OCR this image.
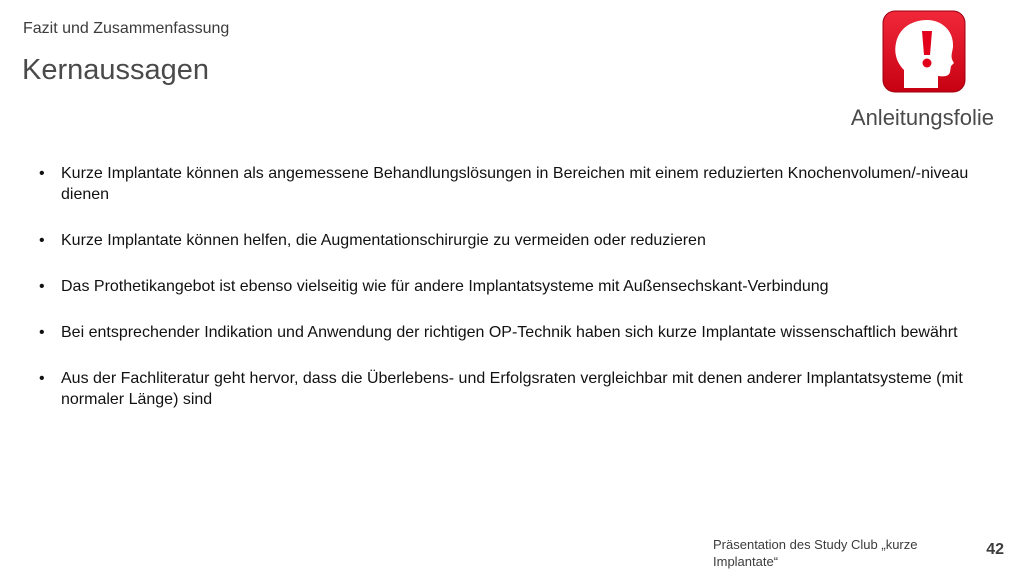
Fazit und Zusammenfassung
Kernaussagen
Anleitungsfolie
• Kurze Implantate können als angemessene Behandlungslösungen in Bereichen mit einem reduzierten Knochenvolumen/-niveau dienen
• Kurze Implantate können helfen, die Augmentationschirurgie zu vermeiden oder reduzieren
• Das Prothetikangebot ist ebenso vielseitig wie für andere Implantatsysteme mit Außensechskant-Verbindung
• Bei entsprechender Indikation und Anwendung der richtigen OP-Technik haben sich kurze Implantate wissenschaftlich bewährt
• Aus der Fachliteratur geht hervor, dass die Überlebens- und Erfolgsraten vergleichbar mit denen anderer Implantatsysteme (mit normaler Länge) sind
Präsentation des Study Club „kurze Implantate“
42
